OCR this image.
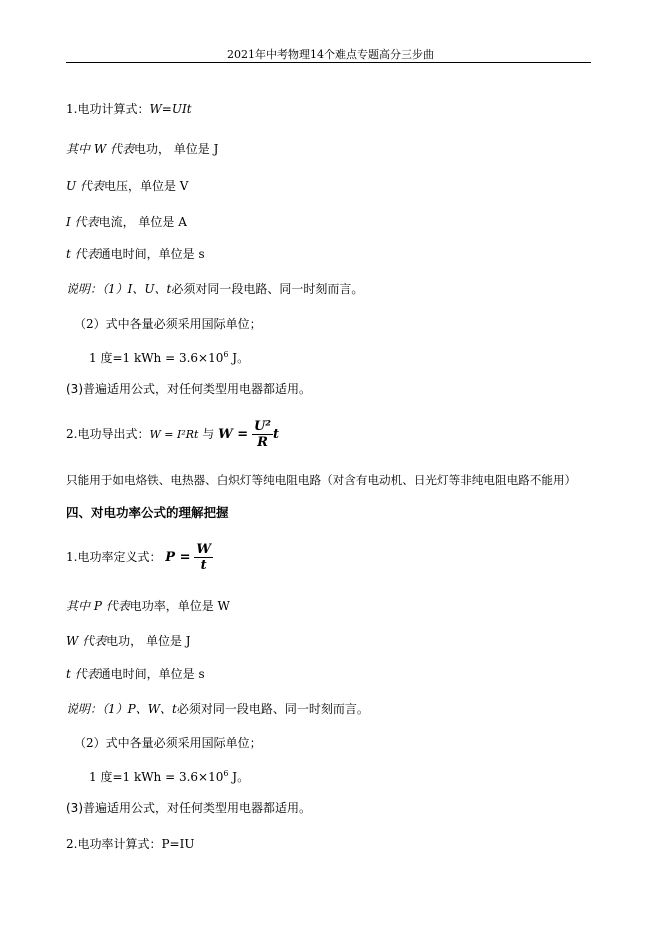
2021年中考物理14个难点专题高分三步曲
1.电功计算式：W=UIt
其中 W 代表电功， 单位是 J
U 代表电压，单位是 V
I 代表电流， 单位是 A
t 代表通电时间，单位是 s
说明：（1）I、U、t必须对同一段电路、同一时刻而言。
（2）式中各量必须采用国际单位；
1 度=1 kWh = $3.6\times 10^6$ J。
(3)普遍适用公式，对任何类型用电器都适用。
2.电功导出式：W = I²Rt 与 $W = \frac{\text{U²}}{R}$ t
只能用于如电烙铁、电热器、白炽灯等纯电阻电路（对含有电动机、日光灯等非纯电阻电路不能用）
四、对电功率公式的理解把握
1.电功率定义式： $P = \frac{W}{t}$
其中 P 代表电功率，单位是 W
W 代表电功， 单位是 J
t 代表通电时间，单位是 s
说明：（1）P、W、t必须对同一段电路、同一时刻而言。
（2）式中各量必须采用国际单位；
1 度=1 kWh = $3.6\times 10^6$ J。
(3)普遍适用公式，对任何类型用电器都适用。
2.电功率计算式：P=IU
